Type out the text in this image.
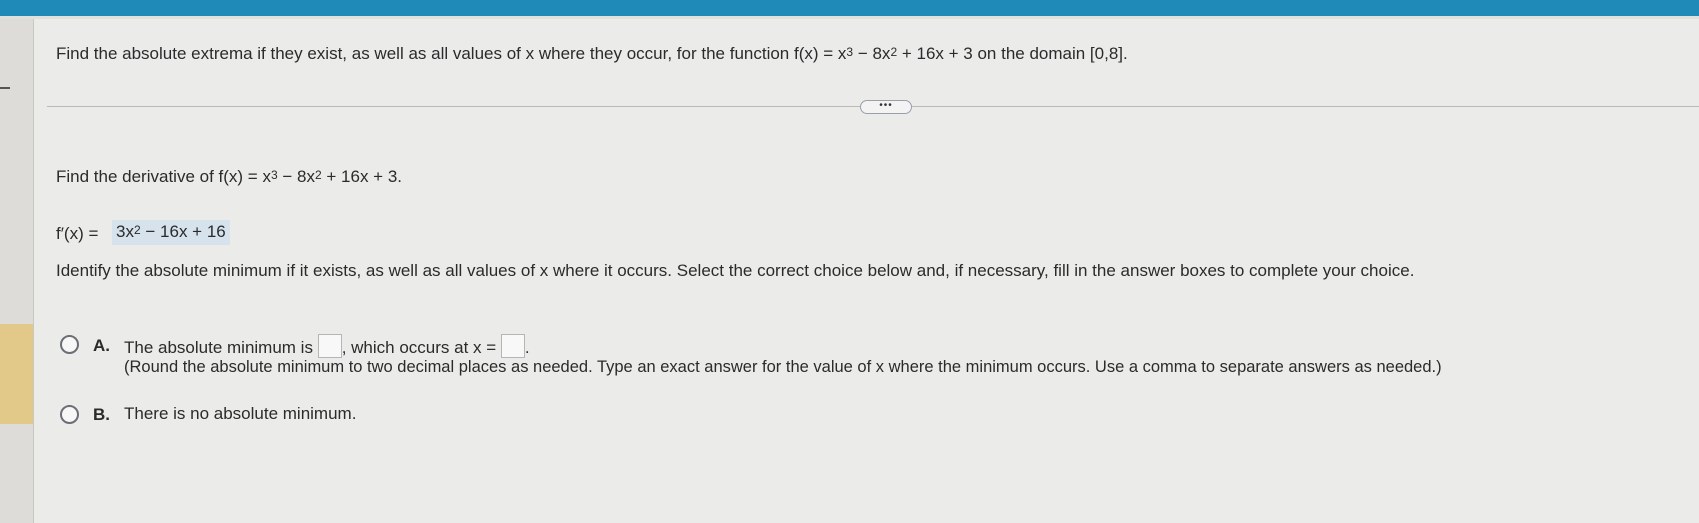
Find the absolute extrema if they exist, as well as all values of x where they occur, for the function $f(x) = x^3 - 8x^2 + 16x + 3$ on the domain [0,8].
•••
Find the derivative of $f(x) = x^3 - 8x^2 + 16x + 3$.
$f'(x) = 3x^2 - 16x + 16$
Identify the absolute minimum if it exists, as well as all values of x where it occurs. Select the correct choice below and, if necessary, fill in the answer boxes to complete your choice.
A. The absolute minimum is , which occurs at x = .
(Round the absolute minimum to two decimal places as needed. Type an exact answer for the value of x where the minimum occurs. Use a comma to separate answers as needed.)
B. There is no absolute minimum.
